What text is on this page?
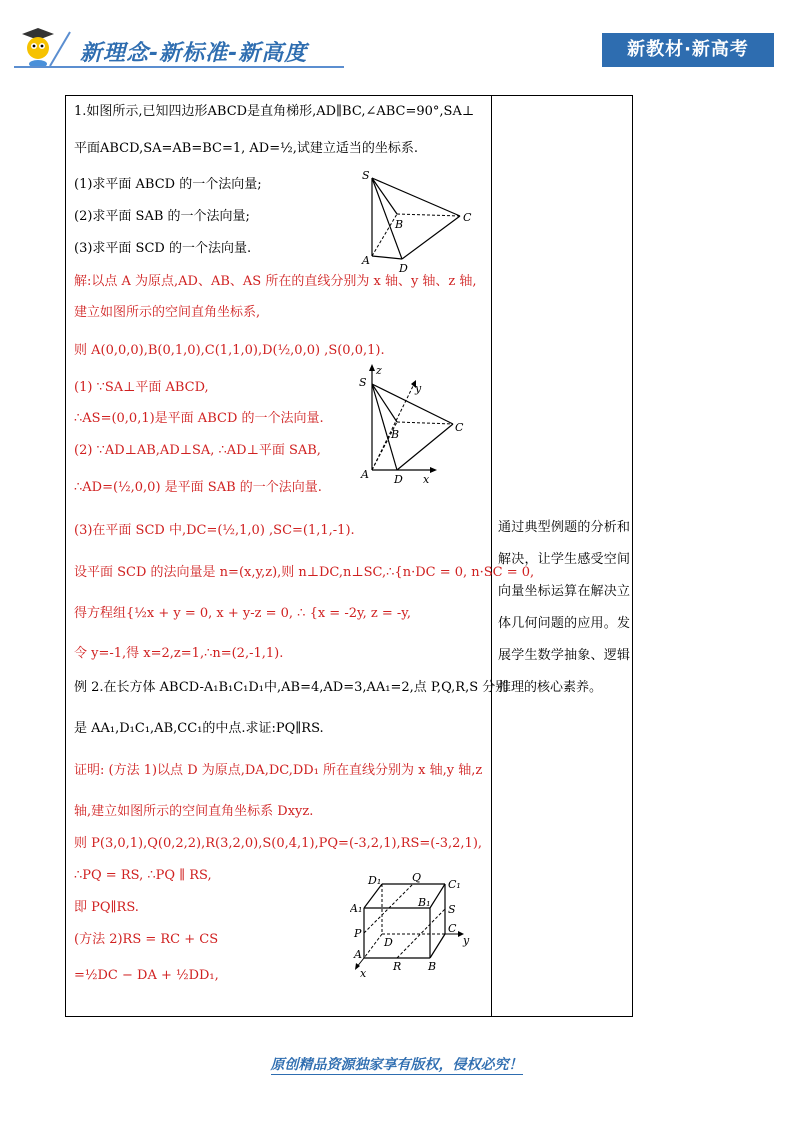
新理念-新标准-新高度	新教材·新高考
1.如图所示,已知四边形ABCD是直角梯形,AD∥BC,∠ABC=90°,SA⊥
平面ABCD,SA=AB=BC=1, AD=½,试建立适当的坐标系.
(1)求平面 ABCD 的一个法向量;
(2)求平面 SAB 的一个法向量;
(3)求平面 SCD 的一个法向量.
解:以点 A 为原点,AD、AB、AS 所在的直线分别为 x 轴、y 轴、z 轴,
建立如图所示的空间直角坐标系,
则 A(0,0,0),B(0,1,0),C(1,1,0),D(½,0,0) ,S(0,0,1).
(1) ∵SA⊥平面 ABCD,
∴AS=(0,0,1)是平面 ABCD 的一个法向量.
(2) ∵AD⊥AB,AD⊥SA, ∴AD⊥平面 SAB,
∴AD=(½,0,0) 是平面 SAB 的一个法向量.
(3)在平面 SCD 中,DC=(½,1,0) ,SC=(1,1,-1).
设平面 SCD 的法向量是 n=(x,y,z),则 n⊥DC,n⊥SC,∴{n·DC = 0, n·SC = 0,
得方程组{½x + y = 0, x + y-z = 0, ∴ {x = -2y, z = -y,
令 y=-1,得 x=2,z=1,∴n=(2,-1,1).
例 2.在长方体 ABCD-A₁B₁C₁D₁中,AB=4,AD=3,AA₁=2,点 P,Q,R,S 分别
是 AA₁,D₁C₁,AB,CC₁的中点.求证:PQ∥RS.
证明: (方法 1)以点 D 为原点,DA,DC,DD₁ 所在直线分别为 x 轴,y 轴,z
轴,建立如图所示的空间直角坐标系 Dxyz.
则 P(3,0,1),Q(0,2,2),R(3,2,0),S(0,4,1),PQ=(-3,2,1),RS=(-3,2,1),
∴PQ = RS, ∴PQ ∥ RS,
即 PQ∥RS.
(方法 2)RS = RC + CS
=½DC − DA + ½DD₁,
S
B
C
A
D
S
z
y
B
C
A D x
D₁	Q
C₁
B₁
A₁	S
P	C
D	y
A
R B
x
通过典型例题的分析和解决，让学生感受空间向量坐标运算在解决立体几何问题的应用。发展学生数学抽象、逻辑推理的核心素养。
原创精品资源独家享有版权，侵权必究！
